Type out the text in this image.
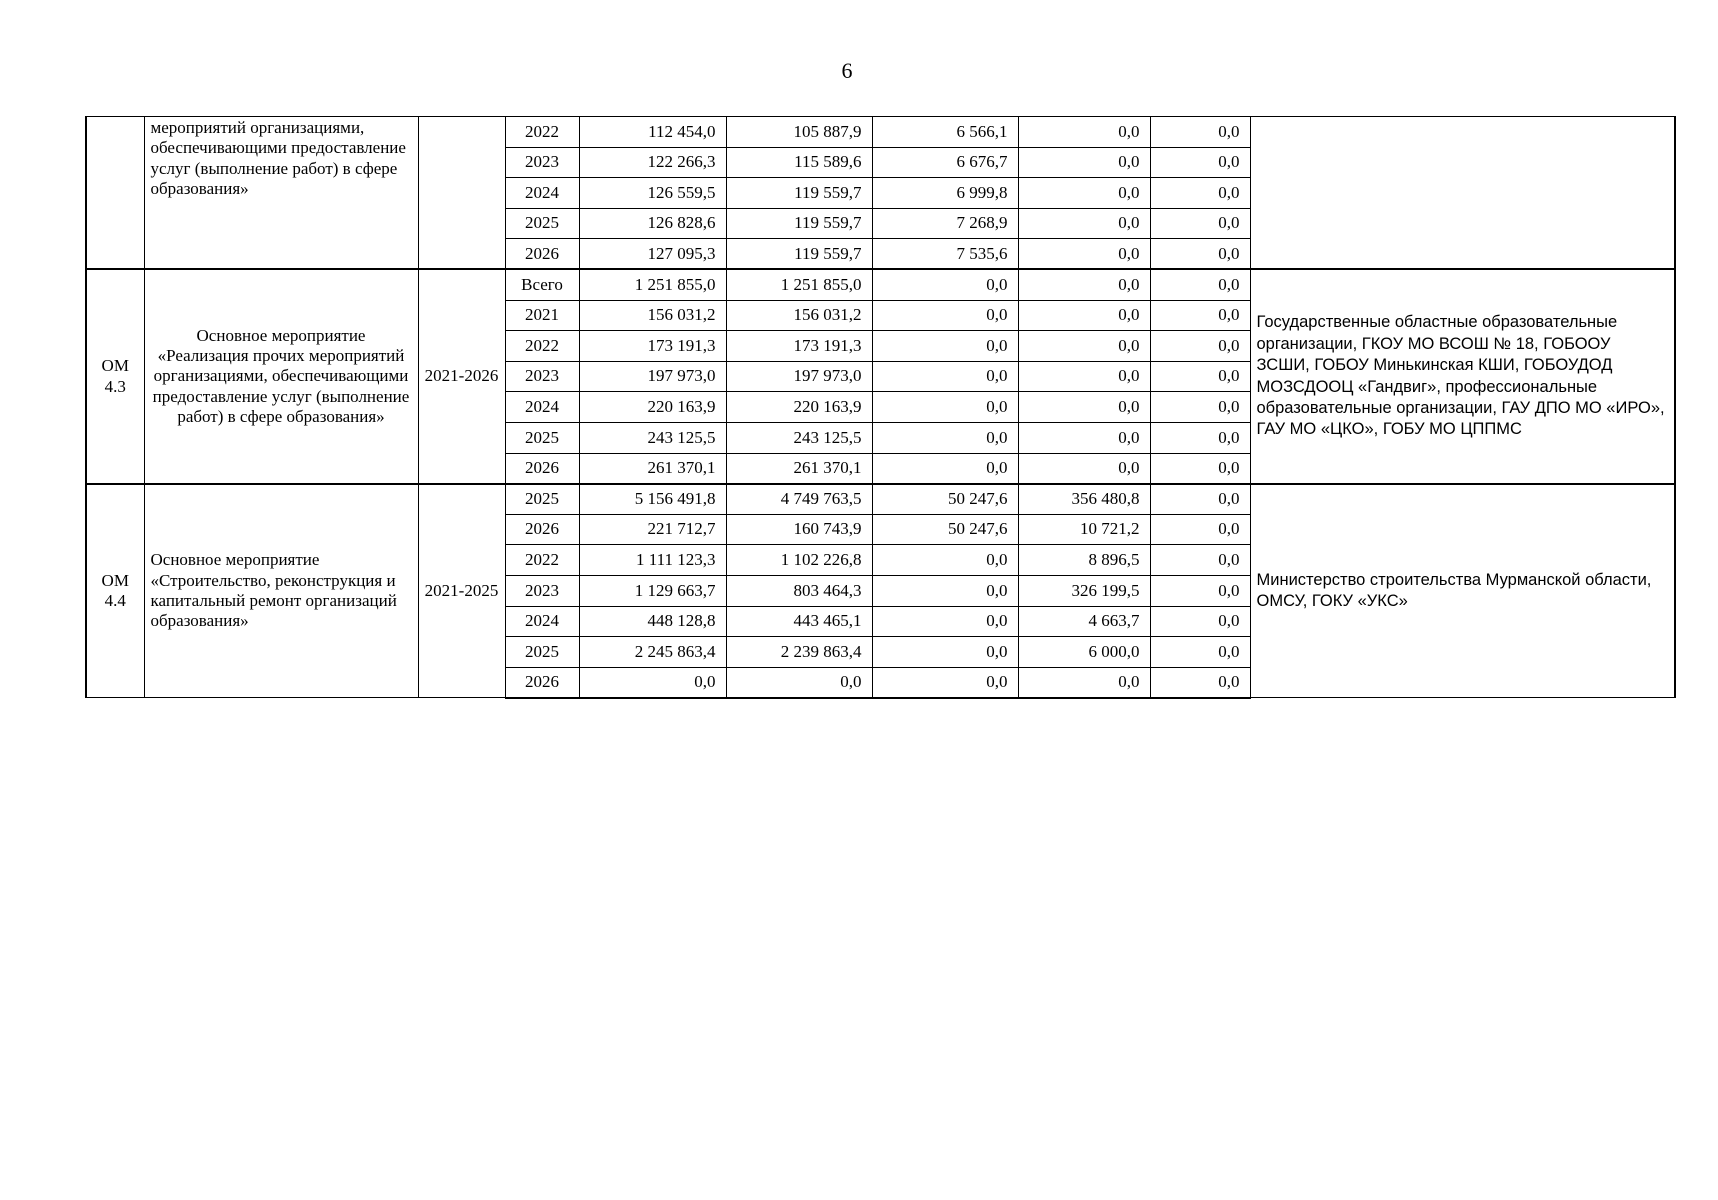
6
	мероприятий организациями, обеспечивающими предоставление услуг (выполнение работ) в сфере образования»		2022	112 454,0	105 887,9	6 566,1	0,0	0,0	
			2023	122 266,3	115 589,6	6 676,7	0,0	0,0	
			2024	126 559,5	119 559,7	6 999,8	0,0	0,0	
			2025	126 828,6	119 559,7	7 268,9	0,0	0,0	
			2026	127 095,3	119 559,7	7 535,6	0,0	0,0	
ОМ 4.3	Основное мероприятие «Реализация прочих мероприятий организациями, обеспечивающими предоставление услуг (выполнение работ) в сфере образования»	2021-2026	Всего	1 251 855,0	1 251 855,0	0,0	0,0	0,0	Государственные областные образовательные организации, ГКОУ МО ВСОШ № 18, ГОБООУ ЗСШИ, ГОБОУ Минькинская КШИ, ГОБОУДОД МОЗСДООЦ «Гандвиг», профессиональные образовательные организации, ГАУ ДПО МО «ИРО», ГАУ МО «ЦКО», ГОБУ МО ЦППМС
			2021	156 031,2	156 031,2	0,0	0,0	0,0	
			2022	173 191,3	173 191,3	0,0	0,0	0,0	
			2023	197 973,0	197 973,0	0,0	0,0	0,0	
			2024	220 163,9	220 163,9	0,0	0,0	0,0	
			2025	243 125,5	243 125,5	0,0	0,0	0,0	
			2026	261 370,1	261 370,1	0,0	0,0	0,0	
ОМ 4.4	Основное мероприятие «Строительство, реконструкция и капитальный ремонт организаций образования»	2021-2025	2025	5 156 491,8	4 749 763,5	50 247,6	356 480,8	0,0	Министерство строительства Мурманской области, ОМСУ, ГОКУ «УКС»
			2026	221 712,7	160 743,9	50 247,6	10 721,2	0,0	
			2022	1 111 123,3	1 102 226,8	0,0	8 896,5	0,0	
			2023	1 129 663,7	803 464,3	0,0	326 199,5	0,0	
			2024	448 128,8	443 465,1	0,0	4 663,7	0,0	
			2025	2 245 863,4	2 239 863,4	0,0	6 000,0	0,0	
			2026	0,0	0,0	0,0	0,0	0,0	
